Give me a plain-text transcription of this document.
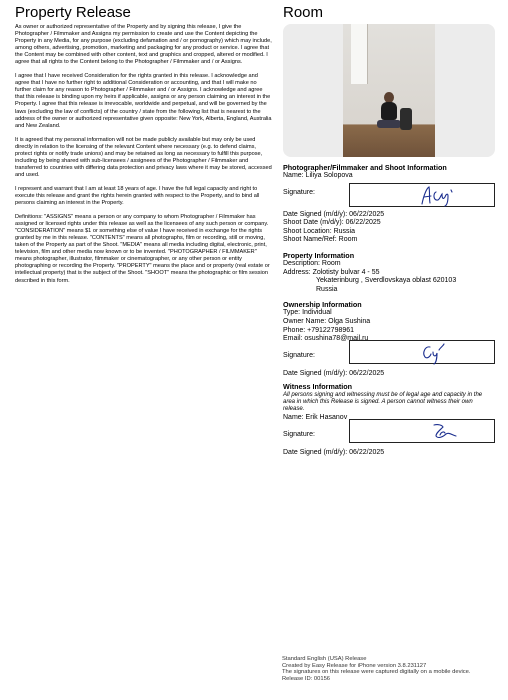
Property Release

As owner or authorized representative of the Property and by signing this release, I give the Photographer / Filmmaker and Assigns my permission to create and use the Content depicting the Property in any Media, for any purpose (excluding defamation and / or pornography) which may include, among others, advertising, promotion, marketing and packaging for any product or service. I agree that the Content may be combined with other content, text and graphics and cropped, altered or modified. I agree that all rights to the Content belong to the Photographer / Filmmaker and / or Assigns.

I agree that I have received Consideration for the rights granted in this release. I acknowledge and agree that I have no further right to additional Consideration or accounting, and that I will make no further claim for any reason to Photographer / Filmmaker and / or Assigns. I acknowledge and agree that this release is binding upon my heirs if applicable, assigns or any person claiming an interest in the Property. I agree that this release is irrevocable, worldwide and perpetual, and will be governed by the laws (excluding the law of conflicts) of the country / state from the following list that is nearest to the address of the owner or authorized representative given opposite: New York, Alberta, England, Australia and New Zealand.

It is agreed that my personal information will not be made publicly available but may only be used directly in relation to the licensing of the relevant Content where necessary (e.g. to defend claims, protect rights or notify trade unions) and may be retained as long as necessary to fulfill this purpose, including by being shared with sub-licensees / assignees of the Photographer / Filmmaker and transferred to countries with differing data protection and privacy laws where it may be stored, accessed and used.

I represent and warrant that I am at least 18 years of age. I have the full legal capacity and right to execute this release and grant the rights herein granted with respect to the Property, and to bind all persons claiming an interest in the Property.

Definitions: "ASSIGNS" means a person or any company to whom Photographer / Filmmaker has assigned or licensed rights under this release as well as the licensees of any such person or company. "CONSIDERATION" means $1 or something else of value I have received in exchange for the rights granted by me in this release. "CONTENTS" means all photographs, film or recording, still or moving, taken of the Property as part of the Shoot. "MEDIA" means all media including digital, electronic, print, television, film and other media now known or to be invented. "PHOTOGRAPHER / FILMMAKER" means photographer, illustrator, filmmaker or cinematographer, or any other person or entity photographing or recording the Property. "PROPERTY" means the place and or property (real estate or intellectual property) that is the subject of the Shoot. "SHOOT" means the photographic or film session described in this form.

Room
Photographer/Filmmaker and Shoot Information

Name: Liliya Solopova

Signature:

Date Signed (m/d/y): 06/22/2025

Shoot Date (m/d/y): 06/22/2025

Shoot Location: Russia

Shoot Name/Ref: Room

Property Information

Description: Room

Address: Zolotisty bulvar 4 - 55

Yekaterinburg , Sverdlovskaya oblast 620103

Russia

Ownership Information

Type: Individual

Owner Name: Olga Sushina

Phone: +79122798961

Email: osushina78@mail.ru

Signature:

Date Signed (m/d/y): 06/22/2025

Witness Information

All persons signing and witnessing must be of legal age and capacity in the area in which this Release is signed. A person cannot witness their own release.

Name: Erik Hasanov

Signature:

Date Signed (m/d/y): 06/22/2025

Standard English (USA) Release

Created by Easy Release for iPhone version 3.8.231127

The signatures on this release were captured digitally on a mobile device.

Release ID: 00156
